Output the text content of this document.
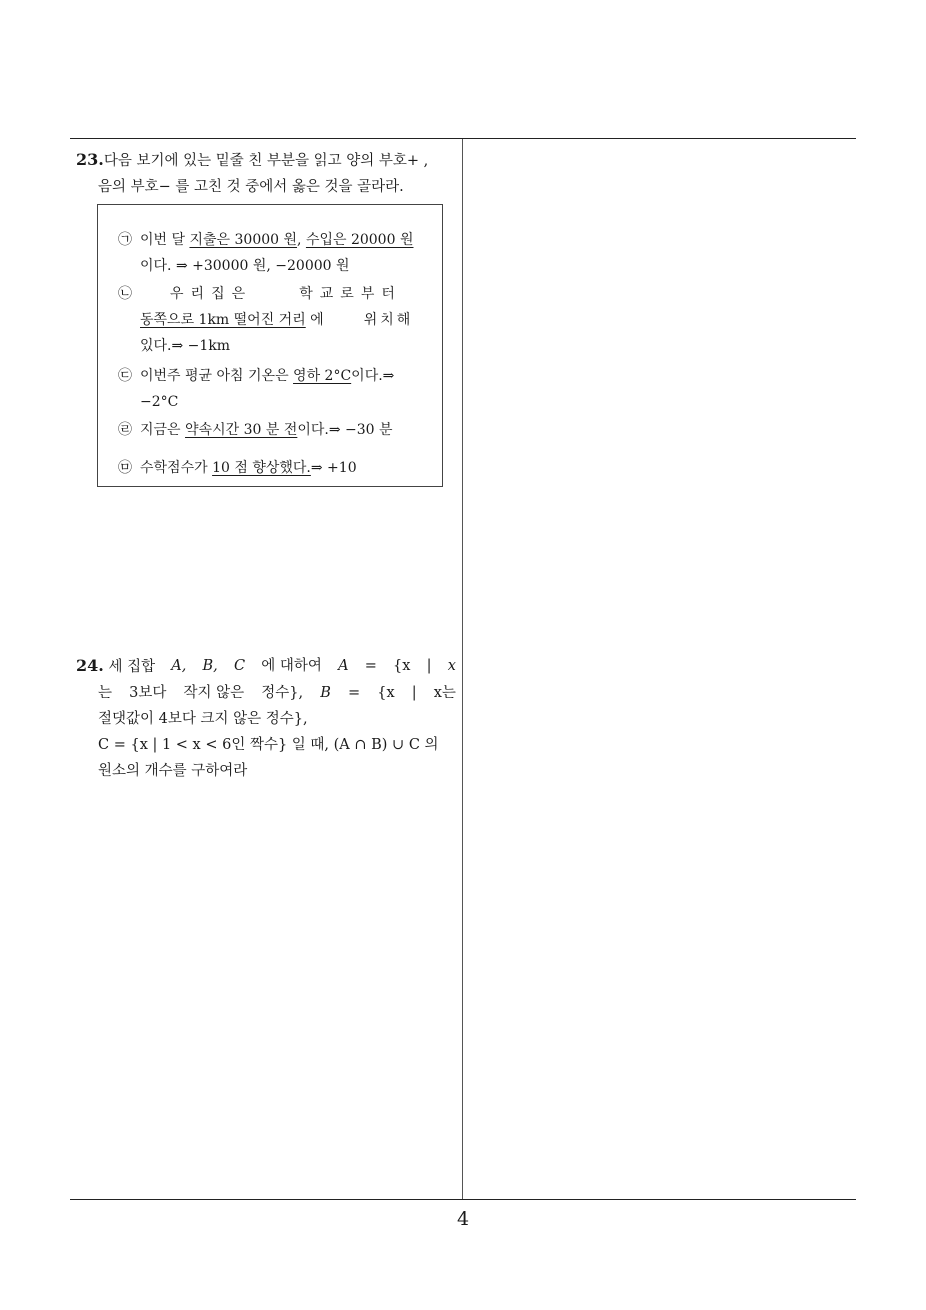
23.다음 보기에 있는 밑줄 친 부분을 읽고 양의 부호+ ,
음의 부호− 를 고친 것 중에서 옳은 것을 골라라.
㉠ 이번 달 지출은 30000 원, 수입은 20000 원
이다. ⇒ +30000 원, −20000 원
㉡	우 리 집 은	학 교 로 부 터
동쪽으로 1km 떨어진 거리 에	위치해
있다.⇒ −1km
㉢ 이번주 평균 아침 기온은 영하 2°C이다.⇒
−2°C
㉣ 지금은 약속시간 30 분 전이다.⇒ −30 분
㉤ 수학점수가 10 점 향상했다.⇒ +10
24. 세 집합 A, B, C 에 대하여 A = {x | x
는 3보다 작지 않은 정수}, B = {x | x는
절댓값이 4보다 크지 않은 정수},
C = {x | 1 < x < 6인 짝수} 일 때, (A ∩ B) ∪ C 의
원소의 개수를 구하여라
4
